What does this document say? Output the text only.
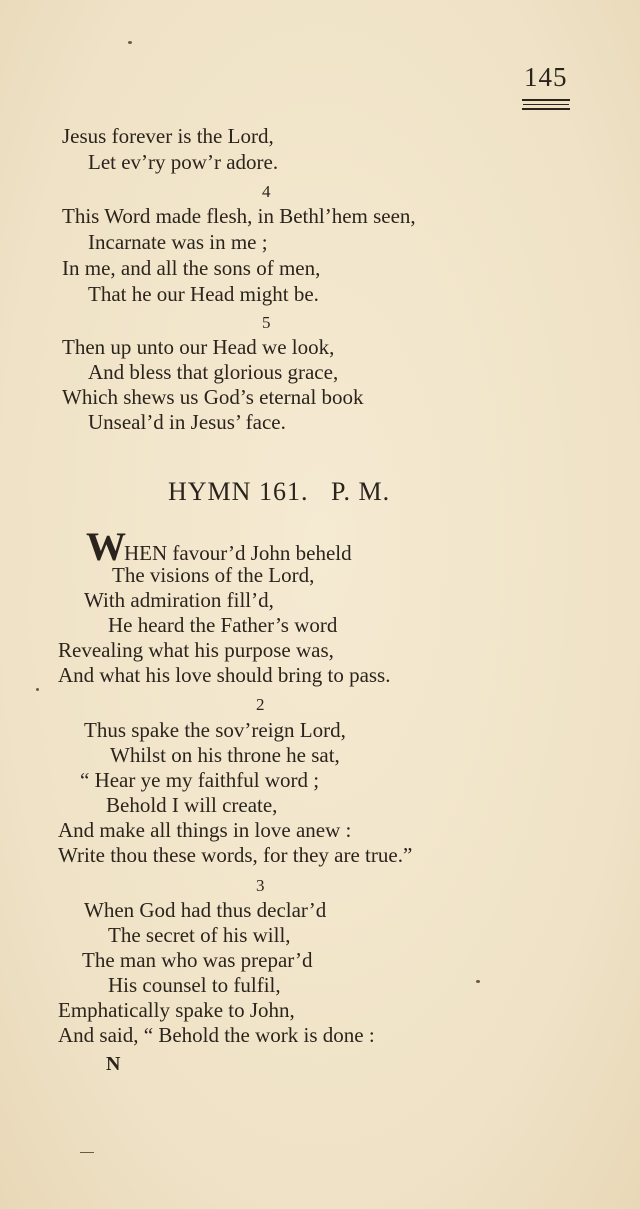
145
Jesus forever is the Lord,
Let ev’ry pow’r adore.
4
This Word made flesh, in Bethl’hem seen,
Incarnate was in me ;
In me, and all the sons of men,
That he our Head might be.
5
Then up unto our Head we look,
And bless that glorious grace,
Which shews us God’s eternal book
Unseal’d in Jesus’ face.
HYMN 161.   P. M.
WHEN favour’d John beheld
The visions of the Lord,
With admiration fill’d,
He heard the Father’s word
Revealing what his purpose was,
And what his love should bring to pass.
2
Thus spake the sov’reign Lord,
Whilst on his throne he sat,
“ Hear ye my faithful word ;
Behold I will create,
And make all things in love anew :
Write thou these words, for they are true.”
3
When God had thus declar’d
The secret of his will,
The man who was prepar’d
His counsel to fulfil,
Emphatically spake to John,
And said, “ Behold the work is done :
N
